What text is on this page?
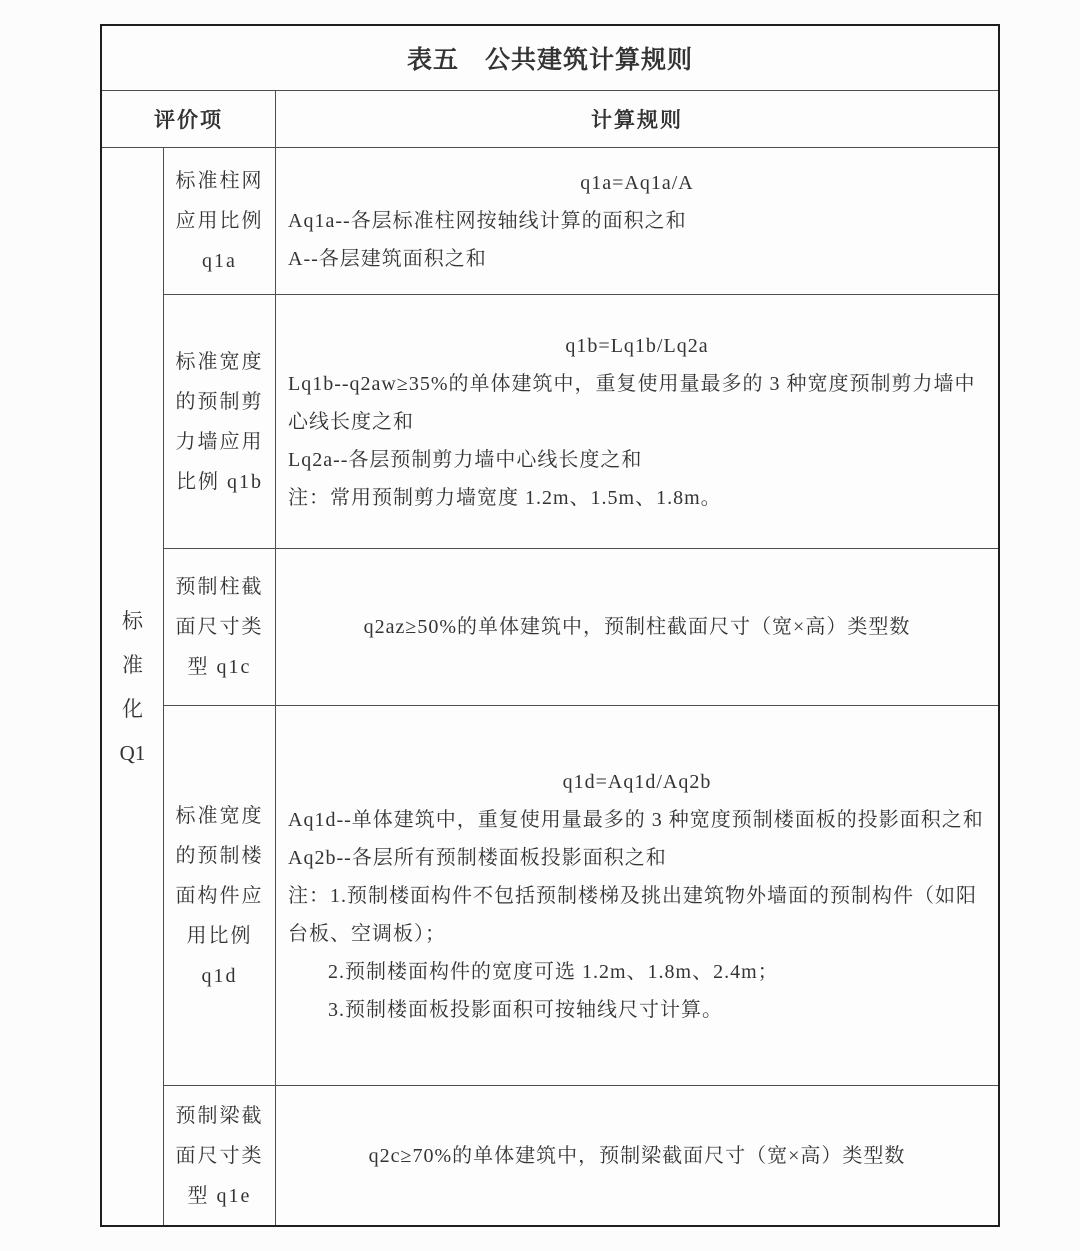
表五　公共建筑计算规则
评价项	计算规则
标
准
化
Q1
标准柱网
应用比例
q1a
q1a=Aq1a/A
Aq1a--各层标准柱网按轴线计算的面积之和
A--各层建筑面积之和
标准宽度
的预制剪
力墙应用
比例 q1b
q1b=Lq1b/Lq2a
Lq1b--q2aw≥35%的单体建筑中，重复使用量最多的 3 种宽度预制剪力墙中心线长度之和
Lq2a--各层预制剪力墙中心线长度之和
注：常用预制剪力墙宽度 1.2m、1.5m、1.8m。
预制柱截
面尺寸类
型 q1c
q2az≥50%的单体建筑中，预制柱截面尺寸（宽×高）类型数
标准宽度
的预制楼
面构件应
用比例
q1d
q1d=Aq1d/Aq2b
Aq1d--单体建筑中，重复使用量最多的 3 种宽度预制楼面板的投影面积之和
Aq2b--各层所有预制楼面板投影面积之和
注：1.预制楼面构件不包括预制楼梯及挑出建筑物外墙面的预制构件（如阳台板、空调板）；
2.预制楼面构件的宽度可选 1.2m、1.8m、2.4m；
3.预制楼面板投影面积可按轴线尺寸计算。
预制梁截
面尺寸类
型 q1e
q2c≥70%的单体建筑中，预制梁截面尺寸（宽×高）类型数
